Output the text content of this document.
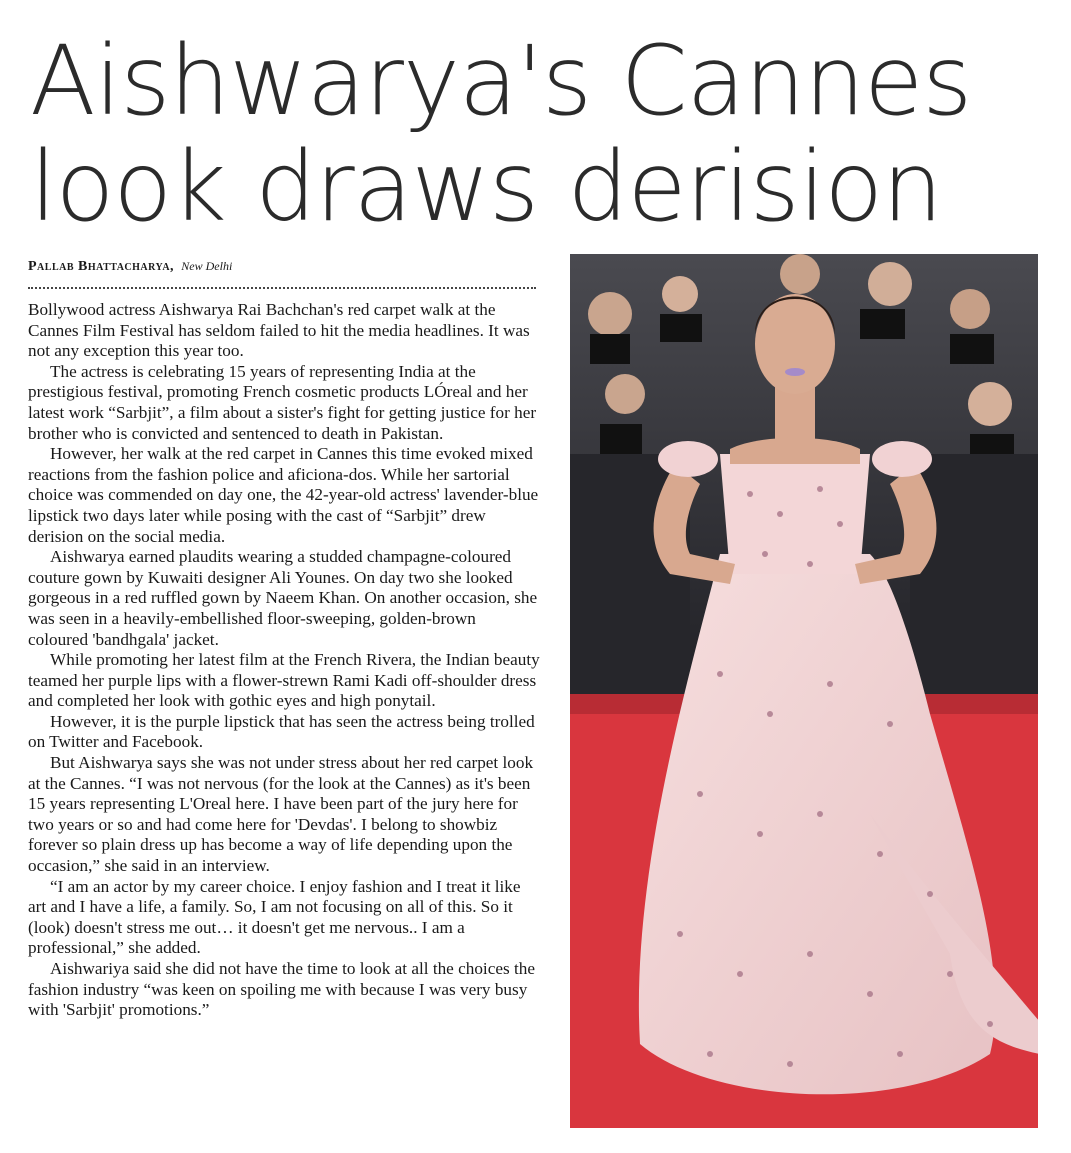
Aishwarya's Cannes
look draws derision
Pallab Bhattacharya, New Delhi

Bollywood actress Aishwarya Rai Bachchan's red carpet walk at the Cannes Film Festival has seldom failed to hit the media headlines. It was not any exception this year too.

The actress is celebrating 15 years of representing India at the prestigious festival, promoting French cosmetic products LÓreal and her latest work “Sarbjit”, a film about a sister's fight for getting justice for her brother who is convicted and sentenced to death in Pakistan.

However, her walk at the red carpet in Cannes this time evoked mixed reactions from the fashion police and aficiona-dos. While her sartorial choice was commended on day one, the 42-year-old actress' lavender-blue lipstick two days later while posing with the cast of “Sarbjit” drew derision on the social media.

Aishwarya earned plaudits wearing a studded champagne-coloured couture gown by Kuwaiti designer Ali Younes. On day two she looked gorgeous in a red ruffled gown by Naeem Khan. On another occasion, she was seen in a heavily-embellished floor-sweeping, golden-brown coloured 'bandhgala' jacket.

While promoting her latest film at the French Rivera, the Indian beauty teamed her purple lips with a flower-strewn Rami Kadi off-shoulder dress and completed her look with gothic eyes and high ponytail.

However, it is the purple lipstick that has seen the actress being trolled on Twitter and Facebook.

But Aishwarya says she was not under stress about her red carpet look at the Cannes. “I was not nervous (for the look at the Cannes) as it's been 15 years representing L'Oreal here. I have been part of the jury here for two years or so and had come here for 'Devdas'. I belong to showbiz forever so plain dress up has become a way of life depending upon the occasion,” she said in an interview.

“I am an actor by my career choice. I enjoy fashion and I treat it like art and I have a life, a family. So, I am not focusing on all of this. So it (look) doesn't stress me out… it doesn't get me nervous.. I am a professional,” she added.

Aishwariya said she did not have the time to look at all the choices the fashion industry “was keen on spoiling me with because I was very busy with 'Sarbjit' promotions.”
